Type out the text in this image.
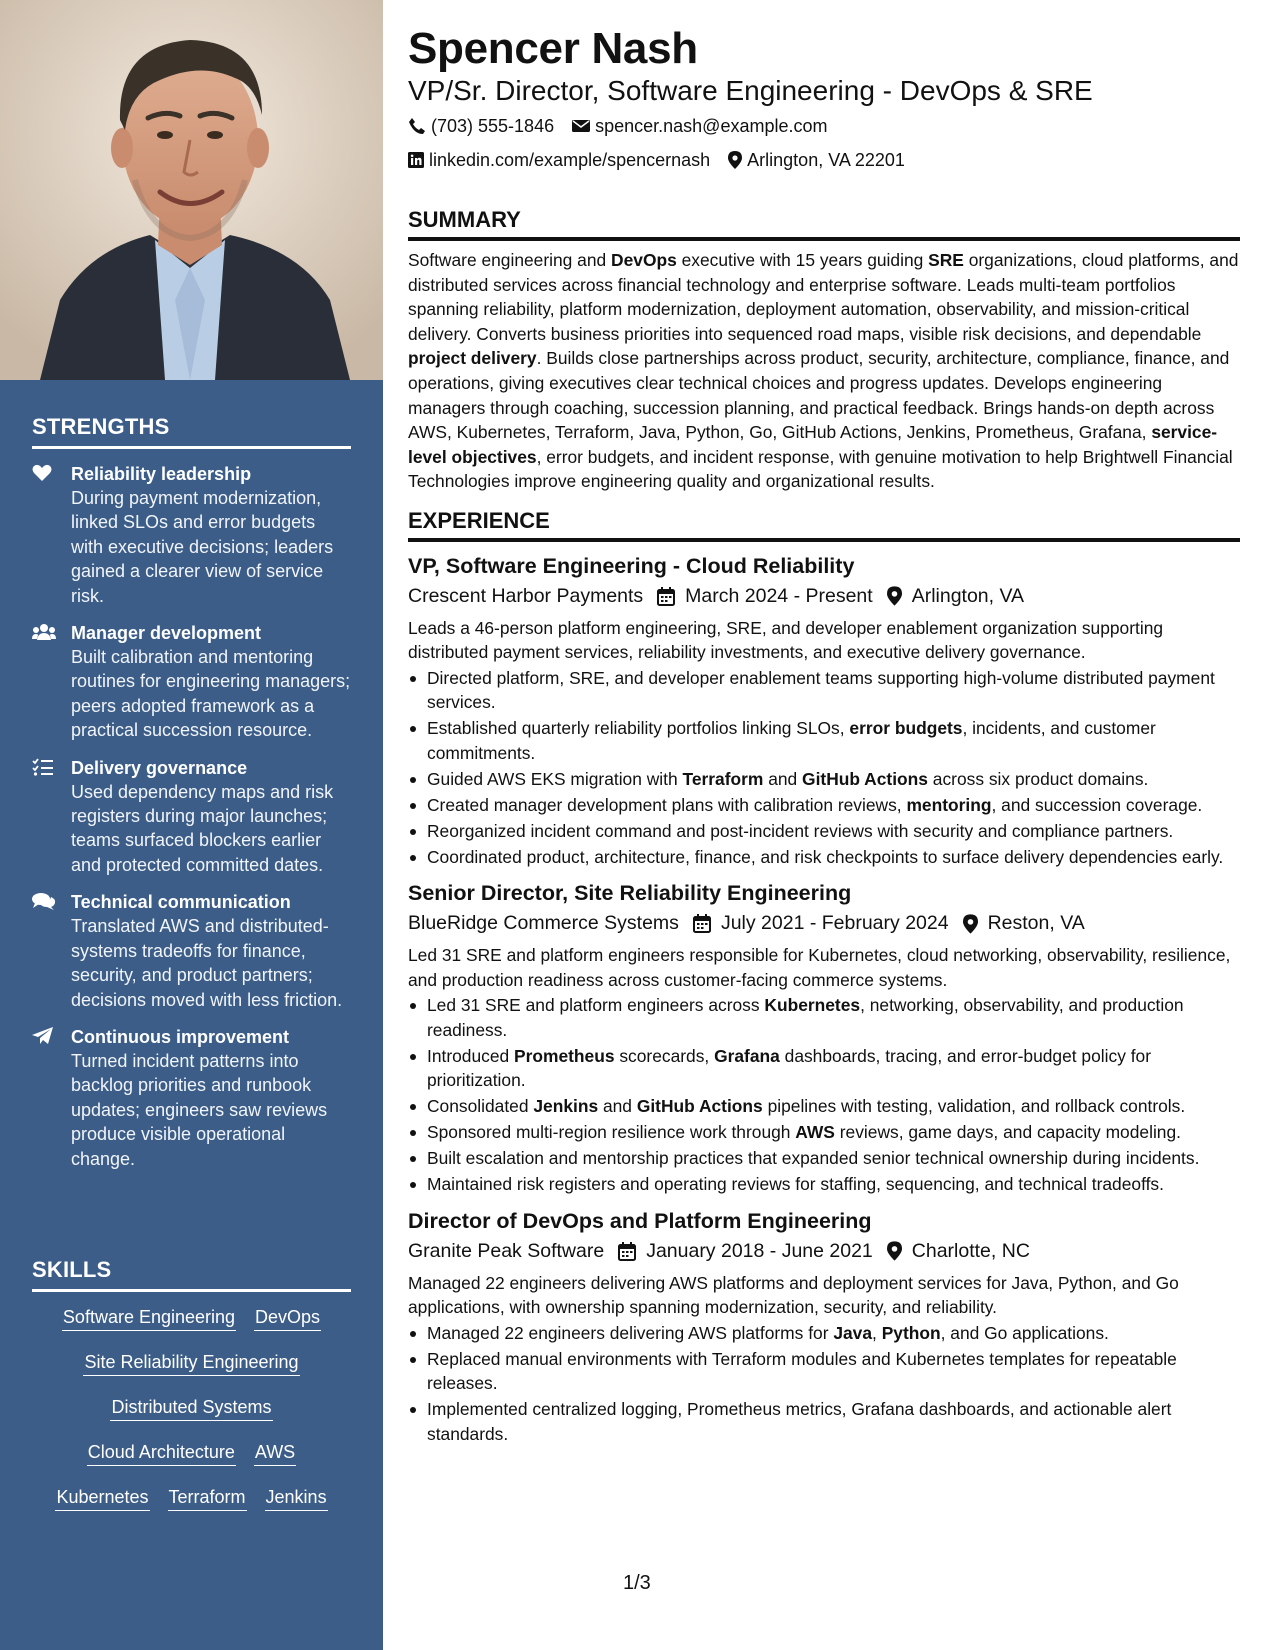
STRENGTHS
Reliability leadership
During payment modernization, linked SLOs and error budgets with executive decisions; leaders gained a clearer view of service risk.
Manager development
Built calibration and mentoring routines for engineering managers; peers adopted framework as a practical succession resource.
Delivery governance
Used dependency maps and risk registers during major launches; teams surfaced blockers earlier and protected committed dates.
Technical communication
Translated AWS and distributed-systems tradeoffs for finance, security, and product partners; decisions moved with less friction.
Continuous improvement
Turned incident patterns into backlog priorities and runbook updates; engineers saw reviews produce visible operational change.
SKILLS
Software Engineering DevOps
Site Reliability Engineering
Distributed Systems
Cloud Architecture AWS
Kubernetes Terraform Jenkins
Spencer Nash
VP/Sr. Director, Software Engineering - DevOps & SRE
(703) 555-1846 spencer.nash@example.com
linkedin.com/example/spencernash Arlington, VA 22201
SUMMARY
Software engineering and DevOps executive with 15 years guiding SRE organizations, cloud platforms, and distributed services across financial technology and enterprise software. Leads multi-team portfolios spanning reliability, platform modernization, deployment automation, observability, and mission-critical delivery. Converts business priorities into sequenced road maps, visible risk decisions, and dependable project delivery. Builds close partnerships across product, security, architecture, compliance, finance, and operations, giving executives clear technical choices and progress updates. Develops engineering managers through coaching, succession planning, and practical feedback. Brings hands-on depth across AWS, Kubernetes, Terraform, Java, Python, Go, GitHub Actions, Jenkins, Prometheus, Grafana, service-level objectives, error budgets, and incident response, with genuine motivation to help Brightwell Financial Technologies improve engineering quality and organizational results.
EXPERIENCE
VP, Software Engineering - Cloud Reliability
Crescent Harbor Payments March 2024 - Present Arlington, VA
Leads a 46-person platform engineering, SRE, and developer enablement organization supporting distributed payment services, reliability investments, and executive delivery governance.
Directed platform, SRE, and developer enablement teams supporting high-volume distributed payment services.
Established quarterly reliability portfolios linking SLOs, error budgets, incidents, and customer commitments.
Guided AWS EKS migration with Terraform and GitHub Actions across six product domains.
Created manager development plans with calibration reviews, mentoring, and succession coverage.
Reorganized incident command and post-incident reviews with security and compliance partners.
Coordinated product, architecture, finance, and risk checkpoints to surface delivery dependencies early.
Senior Director, Site Reliability Engineering
BlueRidge Commerce Systems July 2021 - February 2024 Reston, VA
Led 31 SRE and platform engineers responsible for Kubernetes, cloud networking, observability, resilience, and production readiness across customer-facing commerce systems.
Led 31 SRE and platform engineers across Kubernetes, networking, observability, and production readiness.
Introduced Prometheus scorecards, Grafana dashboards, tracing, and error-budget policy for prioritization.
Consolidated Jenkins and GitHub Actions pipelines with testing, validation, and rollback controls.
Sponsored multi-region resilience work through AWS reviews, game days, and capacity modeling.
Built escalation and mentorship practices that expanded senior technical ownership during incidents.
Maintained risk registers and operating reviews for staffing, sequencing, and technical tradeoffs.
Director of DevOps and Platform Engineering
Granite Peak Software January 2018 - June 2021 Charlotte, NC
Managed 22 engineers delivering AWS platforms and deployment services for Java, Python, and Go applications, with ownership spanning modernization, security, and reliability.
Managed 22 engineers delivering AWS platforms for Java, Python, and Go applications.
Replaced manual environments with Terraform modules and Kubernetes templates for repeatable releases.
Implemented centralized logging, Prometheus metrics, Grafana dashboards, and actionable alert standards.
1/3
